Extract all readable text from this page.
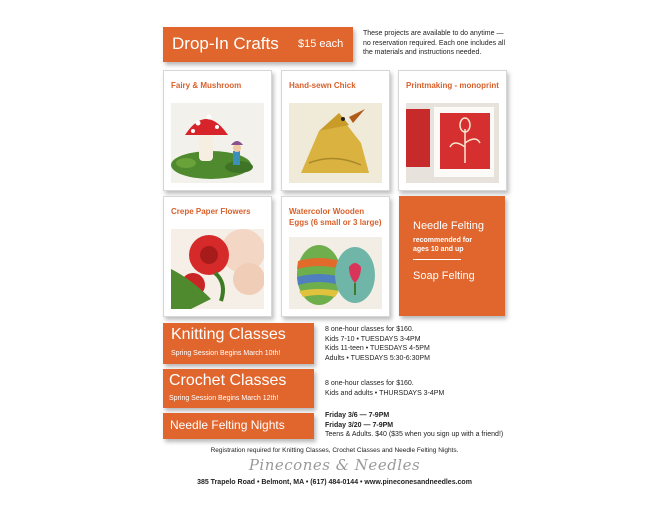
Drop-In Crafts $15 each
These projects are available to do anytime — no reservation required. Each one includes all the materials and instructions needed.
Fairy & Mushroom	Hand-sewn Chick	Printmaking - monoprint
Crepe Paper Flowers	Watercolor Wooden Eggs (6 small or 3 large)	Needle Felting
recommended for ages 10 and up
Soap Felting
Knitting Classes
Spring Session Begins March 10th!
8 one-hour classes for $160.
Kids 7-10 • TUESDAYS 3-4PM
Kids 11-teen • TUESDAYS 4-5PM
Adults • TUESDAYS 5:30-6:30PM
Crochet Classes
Spring Session Begins March 12th!
8 one-hour classes for $160.
Kids and adults • THURSDAYS 3-4PM
Needle Felting Nights
Friday 3/6 — 7-9PM
Friday 3/20 — 7-9PM
Teens & Adults. $40 ($35 when you sign up with a friend!)
Registration required for Knitting Classes, Crochet Classes and Needle Felting Nights.
Pinecones & Needles
385 Trapelo Road • Belmont, MA • (617) 484-0144 • www.pineconesandneedles.com
